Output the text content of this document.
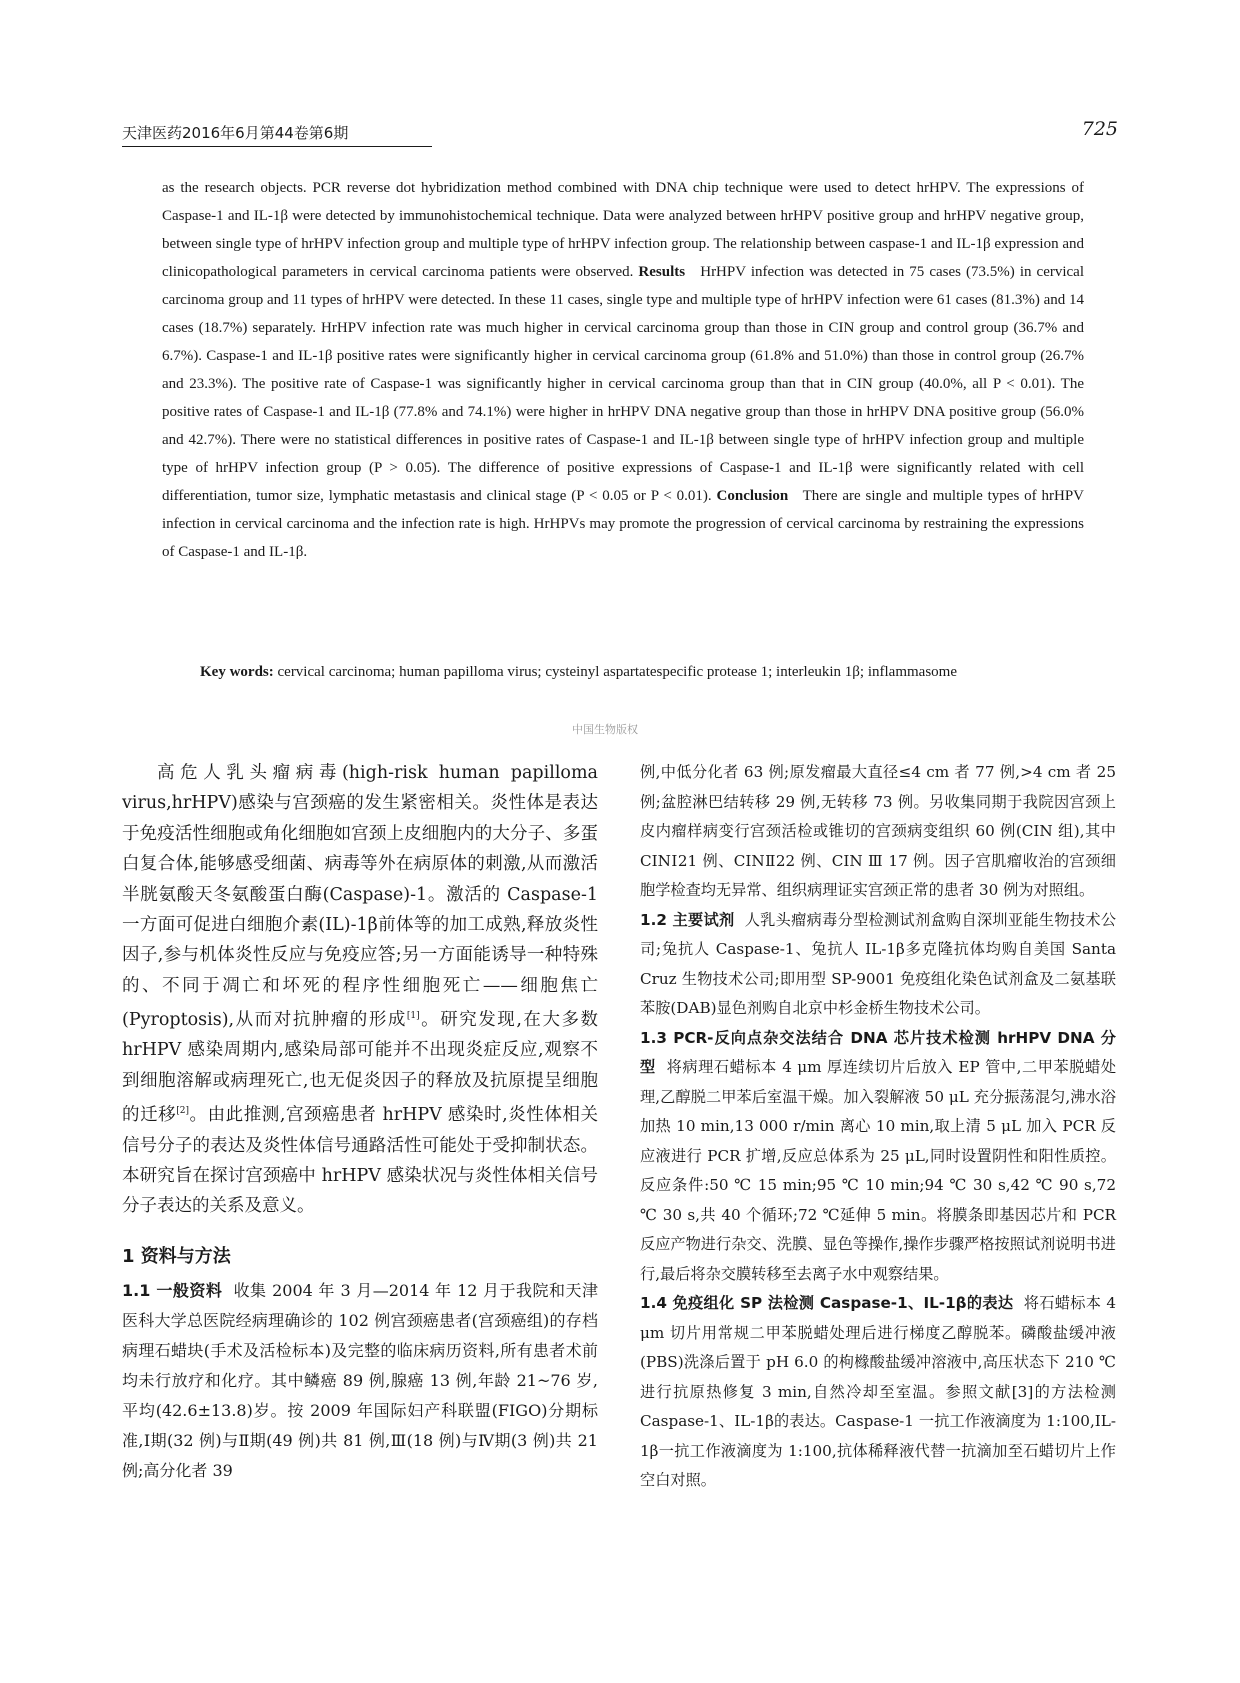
天津医药2016年6月第44卷第6期	725
as the research objects. PCR reverse dot hybridization method combined with DNA chip technique were used to detect hrHPV. The expressions of Caspase-1 and IL-1β were detected by immunohistochemical technique. Data were analyzed between hrHPV positive group and hrHPV negative group, between single type of hrHPV infection group and multiple type of hrHPV infection group. The relationship between caspase-1 and IL-1β expression and clinicopathological parameters in cervical carcinoma patients were observed. Results HrHPV infection was detected in 75 cases (73.5%) in cervical carcinoma group and 11 types of hrHPV were detected. In these 11 cases, single type and multiple type of hrHPV infection were 61 cases (81.3%) and 14 cases (18.7%) separately. HrHPV infection rate was much higher in cervical carcinoma group than those in CIN group and control group (36.7% and 6.7%). Caspase-1 and IL-1β positive rates were significantly higher in cervical carcinoma group (61.8% and 51.0%) than those in control group (26.7% and 23.3%). The positive rate of Caspase-1 was significantly higher in cervical carcinoma group than that in CIN group (40.0%, all P < 0.01). The positive rates of Caspase-1 and IL-1β (77.8% and 74.1%) were higher in hrHPV DNA negative group than those in hrHPV DNA positive group (56.0% and 42.7%). There were no statistical differences in positive rates of Caspase-1 and IL-1β between single type of hrHPV infection group and multiple type of hrHPV infection group (P > 0.05). The difference of positive expressions of Caspase-1 and IL-1β were significantly related with cell differentiation, tumor size, lymphatic metastasis and clinical stage (P < 0.05 or P < 0.01). Conclusion There are single and multiple types of hrHPV infection in cervical carcinoma and the infection rate is high. HrHPVs may promote the progression of cervical carcinoma by restraining the expressions of Caspase-1 and IL-1β.
Key words: cervical carcinoma; human papilloma virus; cysteinyl aspartatespecific protease 1; interleukin 1β; inflammasome
中国生物版权

高危人乳头瘤病毒(high-risk human papilloma virus,hrHPV)感染与宫颈癌的发生紧密相关。炎性体是表达于免疫活性细胞或角化细胞如宫颈上皮细胞内的大分子、多蛋白复合体,能够感受细菌、病毒等外在病原体的刺激,从而激活半胱氨酸天冬氨酸蛋白酶(Caspase)-1。激活的 Caspase-1 一方面可促进白细胞介素(IL)-1β前体等的加工成熟,释放炎性因子,参与机体炎性反应与免疫应答;另一方面能诱导一种特殊的、不同于凋亡和坏死的程序性细胞死亡——细胞焦亡(Pyroptosis),从而对抗肿瘤的形成[1]。研究发现,在大多数 hrHPV 感染周期内,感染局部可能并不出现炎症反应,观察不到细胞溶解或病理死亡,也无促炎因子的释放及抗原提呈细胞的迁移[2]。由此推测,宫颈癌患者 hrHPV 感染时,炎性体相关信号分子的表达及炎性体信号通路活性可能处于受抑制状态。本研究旨在探讨宫颈癌中 hrHPV 感染状况与炎性体相关信号分子表达的关系及意义。

1 资料与方法

1.1 一般资料 收集 2004 年 3 月—2014 年 12 月于我院和天津医科大学总医院经病理确诊的 102 例宫颈癌患者(宫颈癌组)的存档病理石蜡块(手术及活检标本)及完整的临床病历资料,所有患者术前均未行放疗和化疗。其中鳞癌 89 例,腺癌 13 例,年龄 21~76 岁,平均(42.6±13.8)岁。按 2009 年国际妇产科联盟(FIGO)分期标准,Ⅰ期(32 例)与Ⅱ期(49 例)共 81 例,Ⅲ(18 例)与Ⅳ期(3 例)共 21 例;高分化者 39

例,中低分化者 63 例;原发瘤最大直径≤4 cm 者 77 例,>4 cm 者 25 例;盆腔淋巴结转移 29 例,无转移 73 例。另收集同期于我院因宫颈上皮内瘤样病变行宫颈活检或锥切的宫颈病变组织 60 例(CIN 组),其中 CINⅠ21 例、CINⅡ22 例、CIN Ⅲ 17 例。因子宫肌瘤收治的宫颈细胞学检查均无异常、组织病理证实宫颈正常的患者 30 例为对照组。

1.2 主要试剂 人乳头瘤病毒分型检测试剂盒购自深圳亚能生物技术公司;兔抗人 Caspase-1、兔抗人 IL-1β多克隆抗体均购自美国 Santa Cruz 生物技术公司;即用型 SP-9001 免疫组化染色试剂盒及二氨基联苯胺(DAB)显色剂购自北京中杉金桥生物技术公司。

1.3 PCR-反向点杂交法结合 DNA 芯片技术检测 hrHPV DNA 分型 将病理石蜡标本 4 μm 厚连续切片后放入 EP 管中,二甲苯脱蜡处理,乙醇脱二甲苯后室温干燥。加入裂解液 50 μL 充分振荡混匀,沸水浴加热 10 min,13 000 r/min 离心 10 min,取上清 5 μL 加入 PCR 反应液进行 PCR 扩增,反应总体系为 25 μL,同时设置阴性和阳性质控。反应条件:50 ℃ 15 min;95 ℃ 10 min;94 ℃ 30 s,42 ℃ 90 s,72 ℃ 30 s,共 40 个循环;72 ℃延伸 5 min。将膜条即基因芯片和 PCR 反应产物进行杂交、洗膜、显色等操作,操作步骤严格按照试剂说明书进行,最后将杂交膜转移至去离子水中观察结果。

1.4 免疫组化 SP 法检测 Caspase-1、IL-1β的表达 将石蜡标本 4 μm 切片用常规二甲苯脱蜡处理后进行梯度乙醇脱苯。磷酸盐缓冲液(PBS)洗涤后置于 pH 6.0 的枸橼酸盐缓冲溶液中,高压状态下 210 ℃进行抗原热修复 3 min,自然冷却至室温。参照文献[3]的方法检测 Caspase-1、IL-1β的表达。Caspase-1 一抗工作液滴度为 1:100,IL-1β一抗工作液滴度为 1:100,抗体稀释液代替一抗滴加至石蜡切片上作空白对照。
